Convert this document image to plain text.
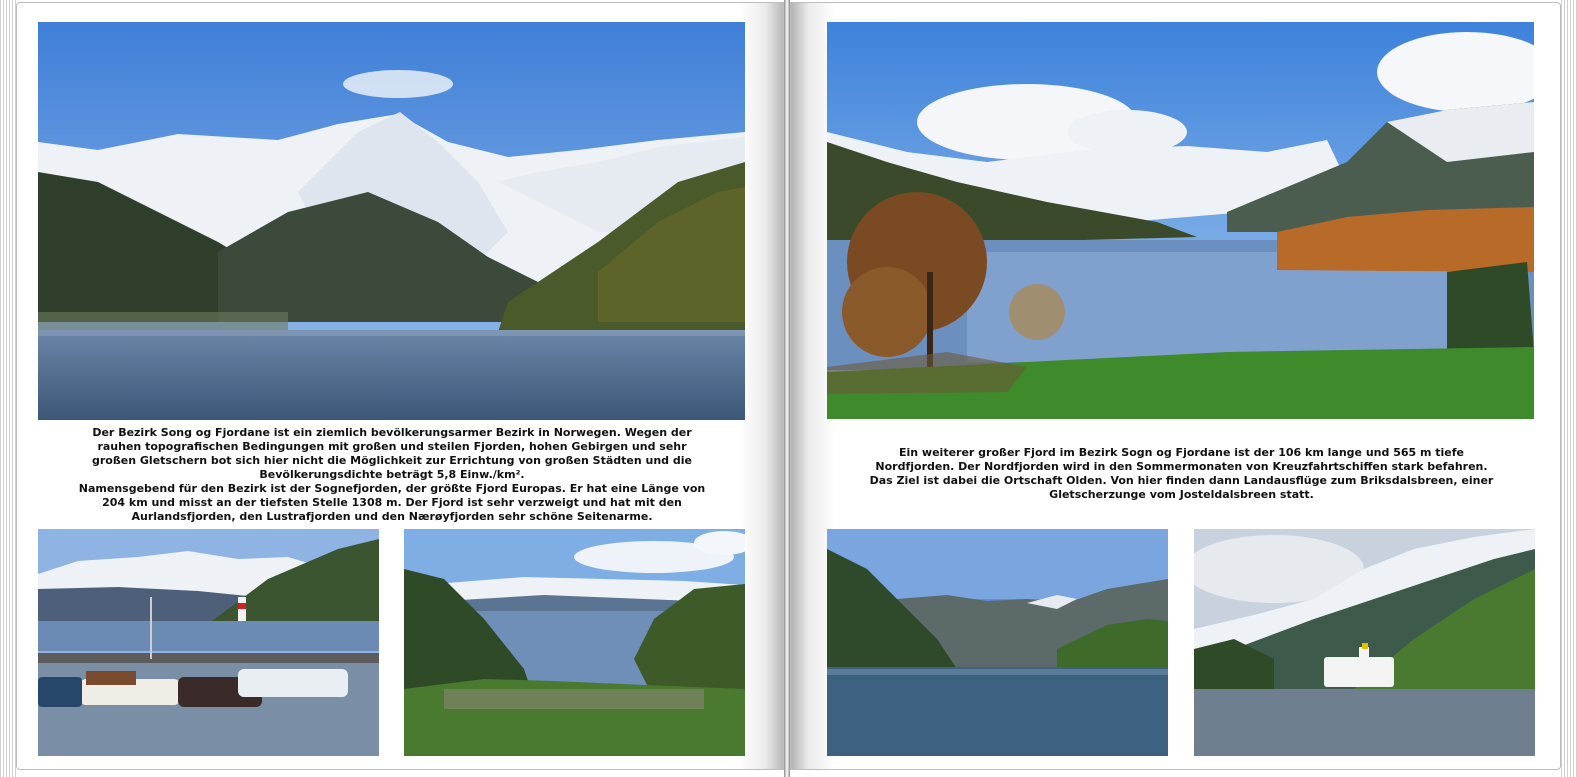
Der Bezirk Song og Fjordane ist ein ziemlich bevölkerungsarmer Bezirk in Norwegen. Wegen der rauhen topografischen Bedingungen mit großen und steilen Fjorden, hohen Gebirgen und sehr großen Gletschern bot sich hier nicht die Möglichkeit zur Errichtung von großen Städten und die Bevölkerungsdichte beträgt 5,8 Einw./km².
Namensgebend für den Bezirk ist der Sognefjorden, der größte Fjord Europas. Er hat eine Länge von 204 km und misst an der tiefsten Stelle 1308 m. Der Fjord ist sehr verzweigt und hat mit den Aurlandsfjorden, den Lustrafjorden und den Nærøyfjorden sehr schöne Seitenarme.

Ein weiterer großer Fjord im Bezirk Sogn og Fjordane ist der 106 km lange und 565 m tiefe Nordfjorden. Der Nordfjorden wird in den Sommermonaten von Kreuzfahrtschiffen stark befahren. Das Ziel ist dabei die Ortschaft Olden. Von hier finden dann Landausflüge zum Briksdalsbreen, einer Gletscherzunge vom Josteldalsbreen statt.
